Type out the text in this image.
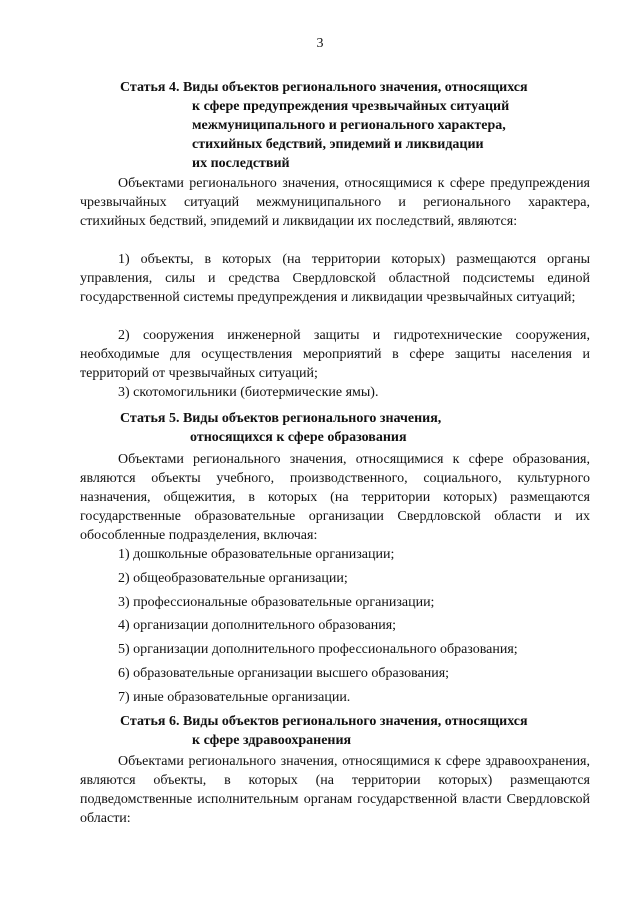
3
Статья 4. Виды объектов регионального значения, относящихся
к сфере предупреждения чрезвычайных ситуаций
межмуниципального и регионального характера,
стихийных бедствий, эпидемий и ликвидации
их последствий
Объектами регионального значения, относящимися к сфере предупреждения чрезвычайных ситуаций межмуниципального и регионального характера, стихийных бедствий, эпидемий и ликвидации их последствий, являются:
1) объекты, в которых (на территории которых) размещаются органы управления, силы и средства Свердловской областной подсистемы единой государственной системы предупреждения и ликвидации чрезвычайных ситуаций;
2) сооружения инженерной защиты и гидротехнические сооружения, необходимые для осуществления мероприятий в сфере защиты населения и территорий от чрезвычайных ситуаций;
3) скотомогильники (биотермические ямы).
Статья 5. Виды объектов регионального значения,
относящихся к сфере образования
Объектами регионального значения, относящимися к сфере образования, являются объекты учебного, производственного, социального, культурного назначения, общежития, в которых (на территории которых) размещаются государственные образовательные организации Свердловской области и их обособленные подразделения, включая:
1) дошкольные образовательные организации;
2) общеобразовательные организации;
3) профессиональные образовательные организации;
4) организации дополнительного образования;
5) организации дополнительного профессионального образования;
6) образовательные организации высшего образования;
7) иные образовательные организации.
Статья 6. Виды объектов регионального значения, относящихся
к сфере здравоохранения
Объектами регионального значения, относящимися к сфере здравоохранения, являются объекты, в которых (на территории которых) размещаются подведомственные исполнительным органам государственной власти Свердловской области:
